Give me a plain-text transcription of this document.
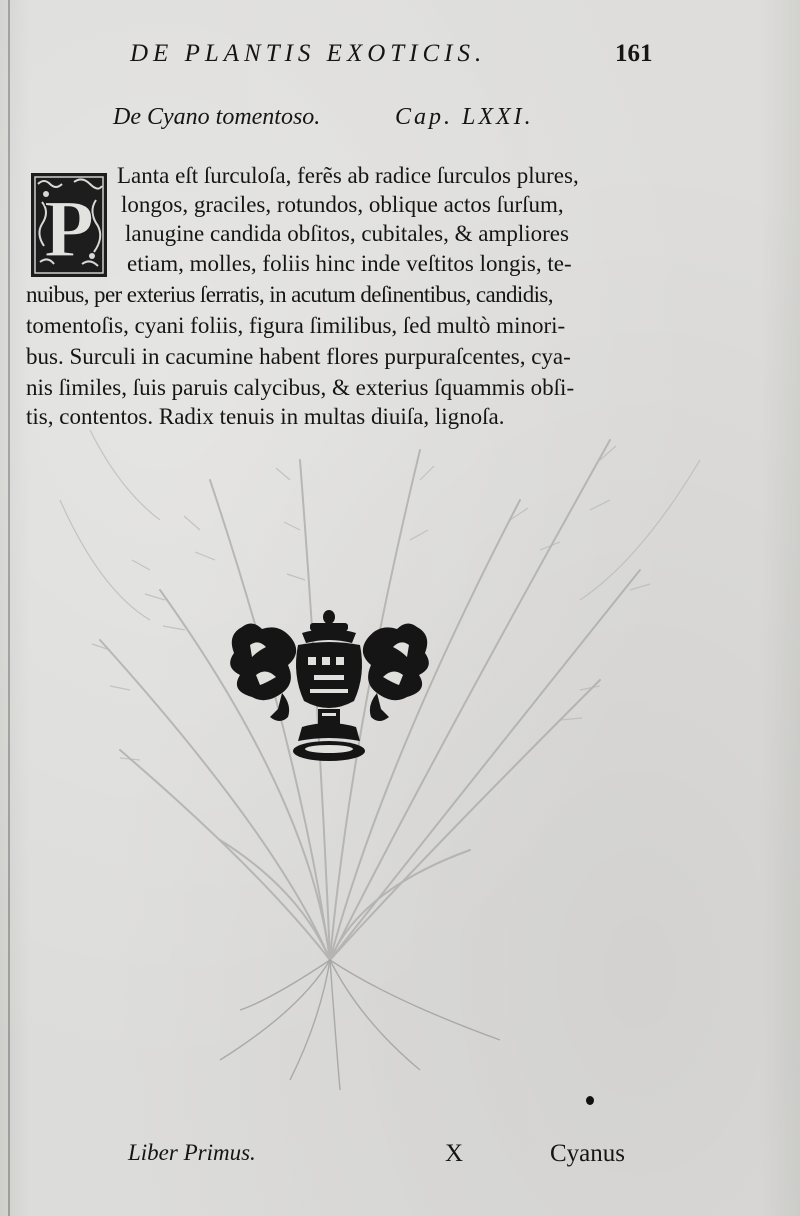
DE PLANTIS EXOTICIS.	161
De Cyano tomentoso.	Cap. LXXI.
P
Lanta eſt ſurculoſa, ferẽs ab radice ſurculos plures,
longos, graciles, rotundos, oblique actos ſurſum,
lanugine candida obſitos, cubitales, & ampliores
etiam, molles, foliis hinc inde veſtitos longis, te-
nuibus, per exterius ſerratis, in acutum deſinentibus, candidis,
tomentoſis, cyani foliis, figura ſimilibus, ſed multò minori-
bus. Surculi in cacumine habent flores purpuraſcentes, cya-
nis ſimiles, ſuis paruis calycibus, & exterius ſquammis obſi-
tis, contentos. Radix tenuis in multas diuiſa, lignoſa.
Liber Primus.	X	Cyanus
